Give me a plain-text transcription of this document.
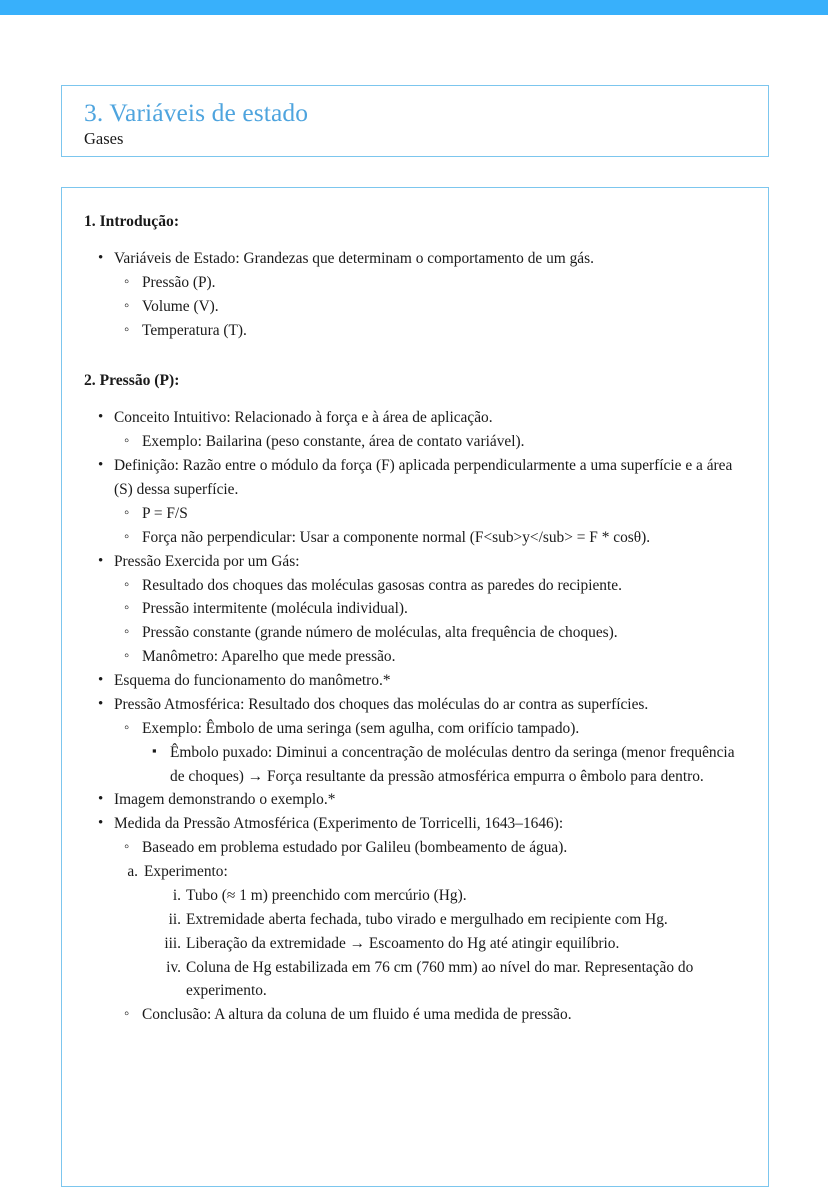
3. Variáveis de estado
Gases
1. Introdução:
• Variáveis de Estado: Grandezas que determinam o comportamento de um gás.
◦ Pressão (P).
◦ Volume (V).
◦ Temperatura (T).
2. Pressão (P):
• Conceito Intuitivo: Relacionado à força e à área de aplicação.
◦ Exemplo: Bailarina (peso constante, área de contato variável).
• Definição: Razão entre o módulo da força (F) aplicada perpendicularmente a uma superfície e a área (S) dessa superfície.
◦ P = F/S
◦ Força não perpendicular: Usar a componente normal (F<sub>y</sub> = F * cosθ).
• Pressão Exercida por um Gás:
◦ Resultado dos choques das moléculas gasosas contra as paredes do recipiente.
◦ Pressão intermitente (molécula individual).
◦ Pressão constante (grande número de moléculas, alta frequência de choques).
◦ Manômetro: Aparelho que mede pressão.
• Esquema do funcionamento do manômetro.*
• Pressão Atmosférica: Resultado dos choques das moléculas do ar contra as superfícies.
◦ Exemplo: Êmbolo de uma seringa (sem agulha, com orifício tampado).
▪ Êmbolo puxado: Diminui a concentração de moléculas dentro da seringa (menor frequência de choques) → Força resultante da pressão atmosférica empurra o êmbolo para dentro.
• Imagem demonstrando o exemplo.*
• Medida da Pressão Atmosférica (Experimento de Torricelli, 1643–1646):
◦ Baseado em problema estudado por Galileu (bombeamento de água).
a. Experimento:
i. Tubo (≈ 1 m) preenchido com mercúrio (Hg).
ii. Extremidade aberta fechada, tubo virado e mergulhado em recipiente com Hg.
iii. Liberação da extremidade → Escoamento do Hg até atingir equilíbrio.
iv. Coluna de Hg estabilizada em 76 cm (760 mm) ao nível do mar. Representação do experimento.
◦ Conclusão: A altura da coluna de um fluido é uma medida de pressão.
